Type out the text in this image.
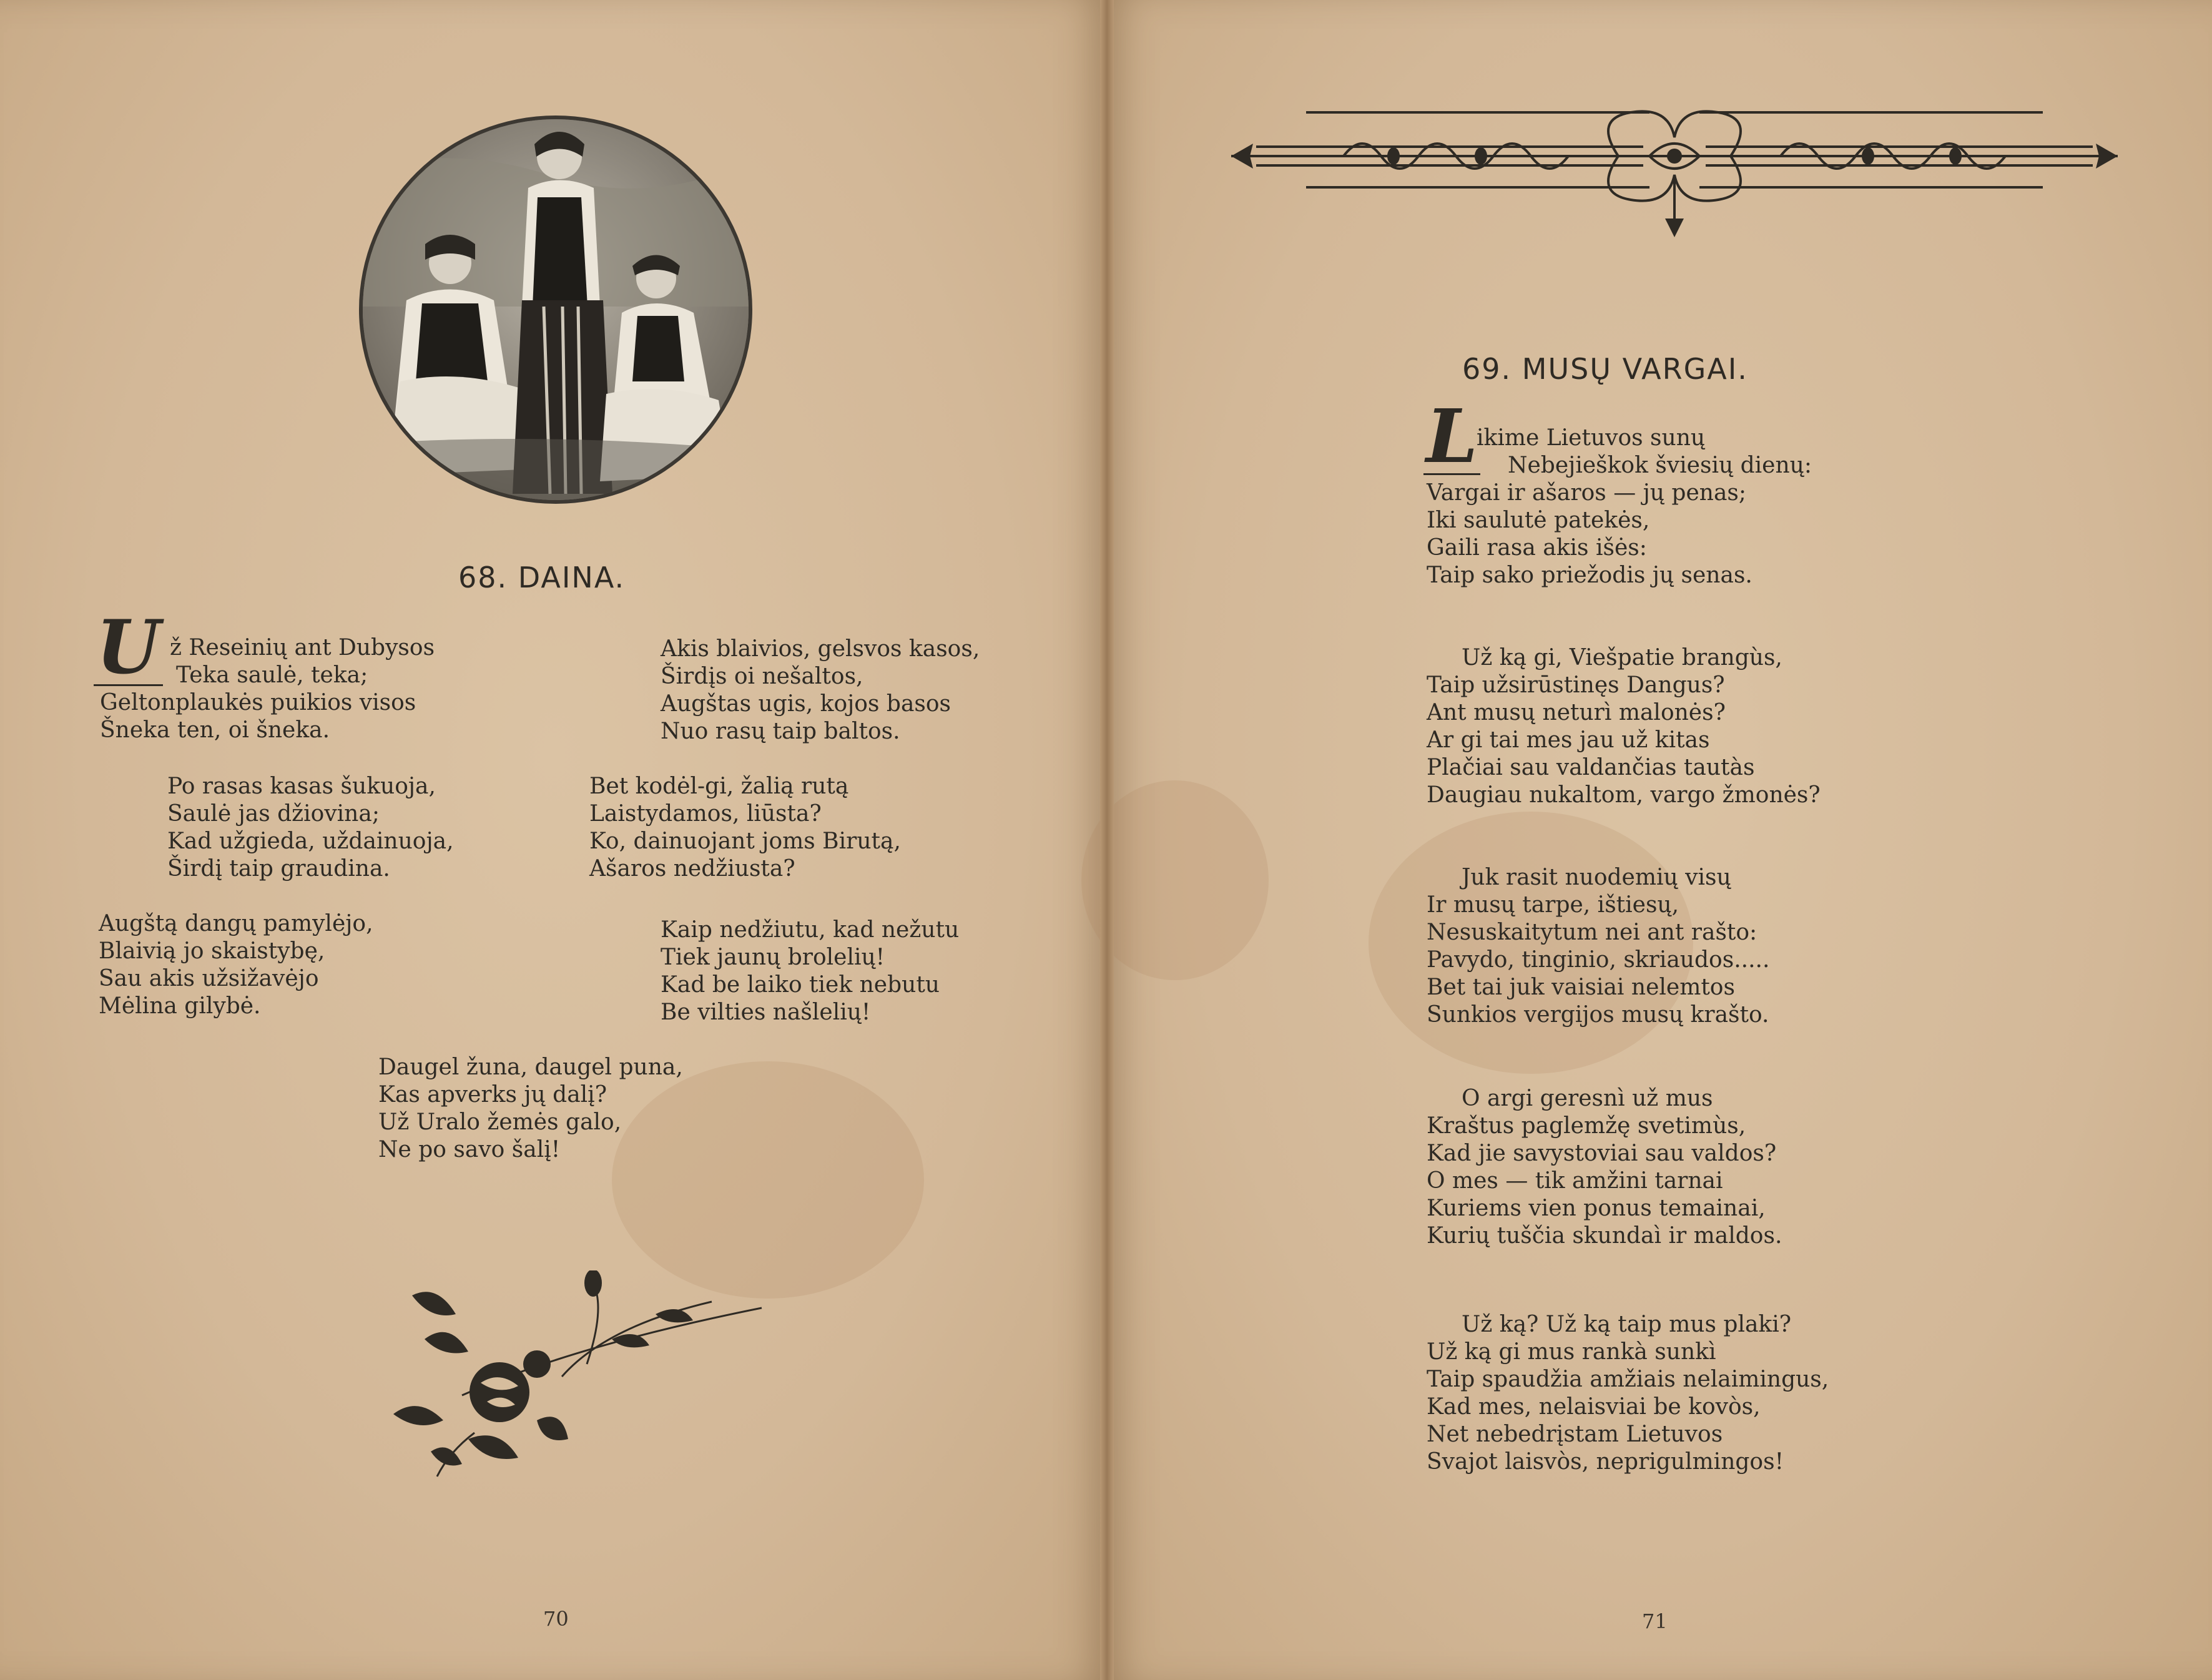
68. DAINA.
U ž Reseinių ant Dubysos
Teka saulė, teka;
Geltonplaukės puikios visos
Šneka ten, oi šneka.
Po rasas kasas šukuoja,
Saulė jas džiovina;
Kad užgieda, uždainuoja,
Širdį taip graudina.
Augštą dangų pamylėjo,
Blaivią jo skaistybę,
Sau akis užsižavėjo
Mėlina gilybė.
Akis blaivios, gelsvos kasos,
Širdįs oi nešaltos,
Augštas ugis, kojos basos
Nuo rasų taip baltos.
Bet kodėl-gi, žalią rutą
Laistydamos, liūsta?
Ko, dainuojant joms Birutą,
Ašaros nedžiusta?
Kaip nedžiutu, kad nežutu
Tiek jaunų brolelių!
Kad be laiko tiek nebutu
Be vilties našlelių!
Daugel žuna, daugel puna,
Kas apverks jų dalį?
Už Uralo žemės galo,
Ne po savo šalį!
70
69. MUSŲ VARGAI.
L
ikime Lietuvos sunų
Nebejieškok šviesių dienų:
Vargai ir ašaros — jų penas;
Iki saulutė patekės,
Gaili rasa akis išės:
Taip sako priežodis jų senas.
Už ką gi, Viešpatie brangùs,
Taip užsirūstinęs Dangus?
Ant musų neturì malonės?
Ar gi tai mes jau už kitas
Plačiai sau valdančias tautàs
Daugiau nukaltom, vargo žmonės?
Juk rasit nuodemių visų
Ir musų tarpe, ištiesų,
Nesuskaitytum nei ant rašto:
Pavydo, tinginio, skriaudos.....
Bet tai juk vaisiai nelemtos
Sunkios vergijos musų krašto.
O argi geresnì už mus
Kraštus paglemžę svetimùs,
Kad jie savystoviai sau valdos?
O mes — tik amžini tarnai
Kuriems vien ponus temainai,
Kurių tuščia skundaì ir maldos.
Už ką? Už ką taip mus plaki?
Už ką gi mus rankà sunkì
Taip spaudžia amžiais nelaimingus,
Kad mes, nelaisviai be kovòs,
Net nebedrįstam Lietuvos
Svajot laisvòs, neprigulmingos!
71
